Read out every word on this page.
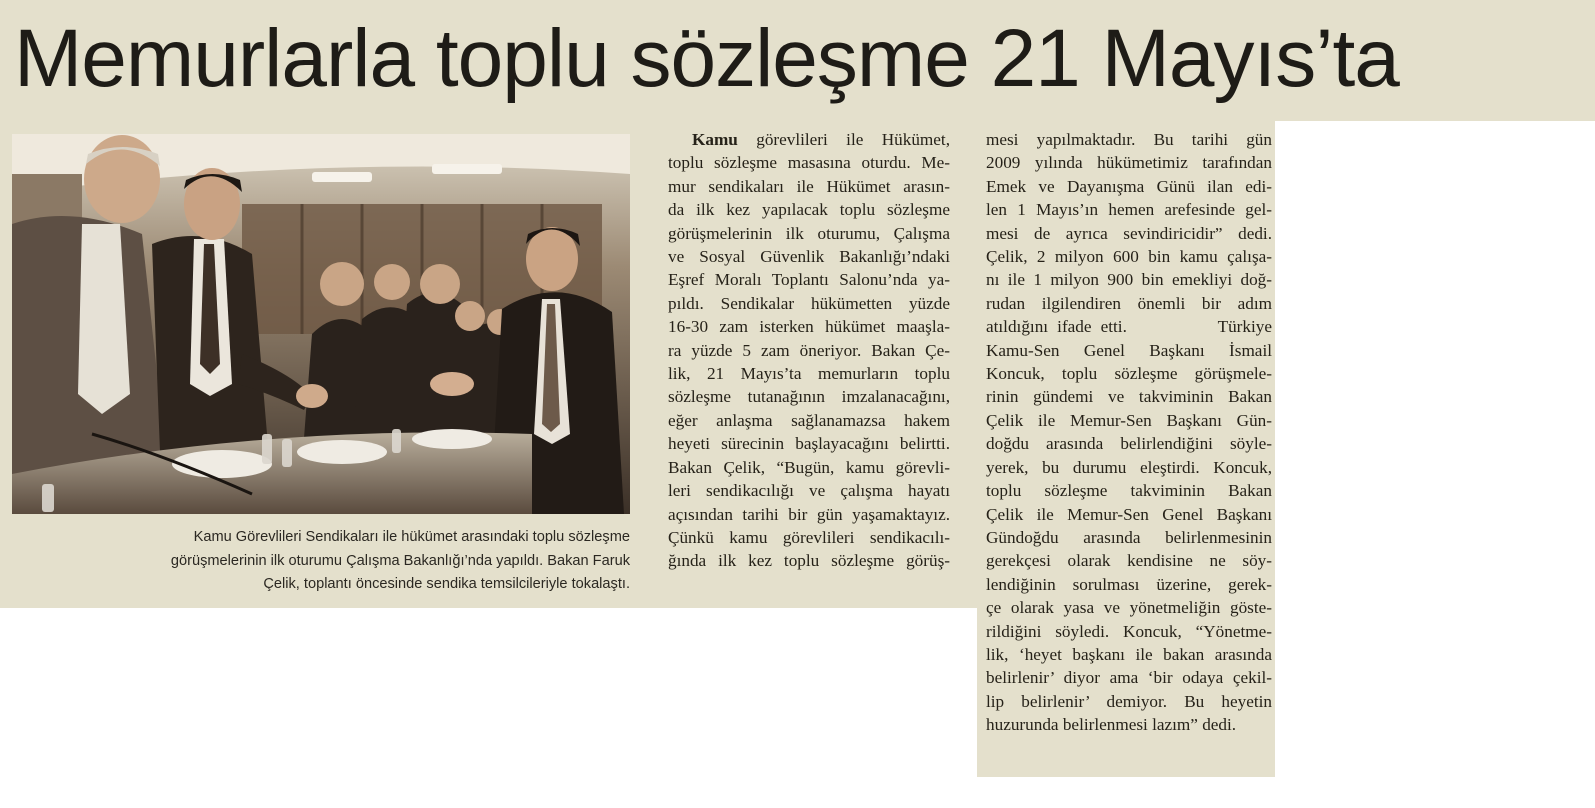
Memurlarla toplu sözleşme 21 Mayıs’ta
Kamu Görevlileri Sendikaları ile hükümet arasındaki toplu sözleşme
görüşmelerinin ilk oturumu Çalışma Bakanlığı’nda yapıldı. Bakan Faruk
Çelik, toplantı öncesinde sendika temsilcileriyle tokalaştı.
Kamu görevlileri ile Hükümet,
toplu sözleşme masasına oturdu. Me-
mur sendikaları ile Hükümet arasın-
da ilk kez yapılacak toplu sözleşme
görüşmelerinin ilk oturumu, Çalışma
ve Sosyal Güvenlik Bakanlığı’ndaki
Eşref Moralı Toplantı Salonu’nda ya-
pıldı. Sendikalar hükümetten yüzde
16-30 zam isterken hükümet maaşla-
ra yüzde 5 zam öneriyor. Bakan Çe-
lik, 21 Mayıs’ta memurların toplu
sözleşme tutanağının imzalanacağını,
eğer anlaşma sağlanamazsa hakem
heyeti sürecinin başlayacağını belirtti.
Bakan Çelik, “Bugün, kamu görevli-
leri sendikacılığı ve çalışma hayatı
açısından tarihi bir gün yaşamaktayız.
Çünkü kamu görevlileri sendikacılı-
ğında ilk kez toplu sözleşme görüş-
mesi yapılmaktadır. Bu tarihi gün
2009 yılında hükümetimiz tarafından
Emek ve Dayanışma Günü ilan edi-
len 1 Mayıs’ın hemen arefesinde gel-
mesi de ayrıca sevindiricidir” dedi.
Çelik, 2 milyon 600 bin kamu çalışa-
nı ile 1 milyon 900 bin emekliyi doğ-
rudan ilgilendiren önemli bir adım
atıldığını ifade etti.          Türkiye
Kamu-Sen Genel Başkanı İsmail
Koncuk, toplu sözleşme görüşmele-
rinin gündemi ve takviminin Bakan
Çelik ile Memur-Sen Başkanı Gün-
doğdu arasında belirlendiğini söyle-
yerek, bu durumu eleştirdi. Koncuk,
toplu sözleşme takviminin Bakan
Çelik ile Memur-Sen Genel Başkanı
Gündoğdu arasında belirlenmesinin
gerekçesi olarak kendisine ne söy-
lendiğinin sorulması üzerine, gerek-
çe olarak yasa ve yönetmeliğin göste-
rildiğini söyledi. Koncuk, “Yönetme-
lik, ‘heyet başkanı ile bakan arasında
belirlenir’ diyor ama ‘bir odaya çekil-
lip belirlenir’ demiyor. Bu heyetin
huzurunda belirlenmesi lazım” dedi.
